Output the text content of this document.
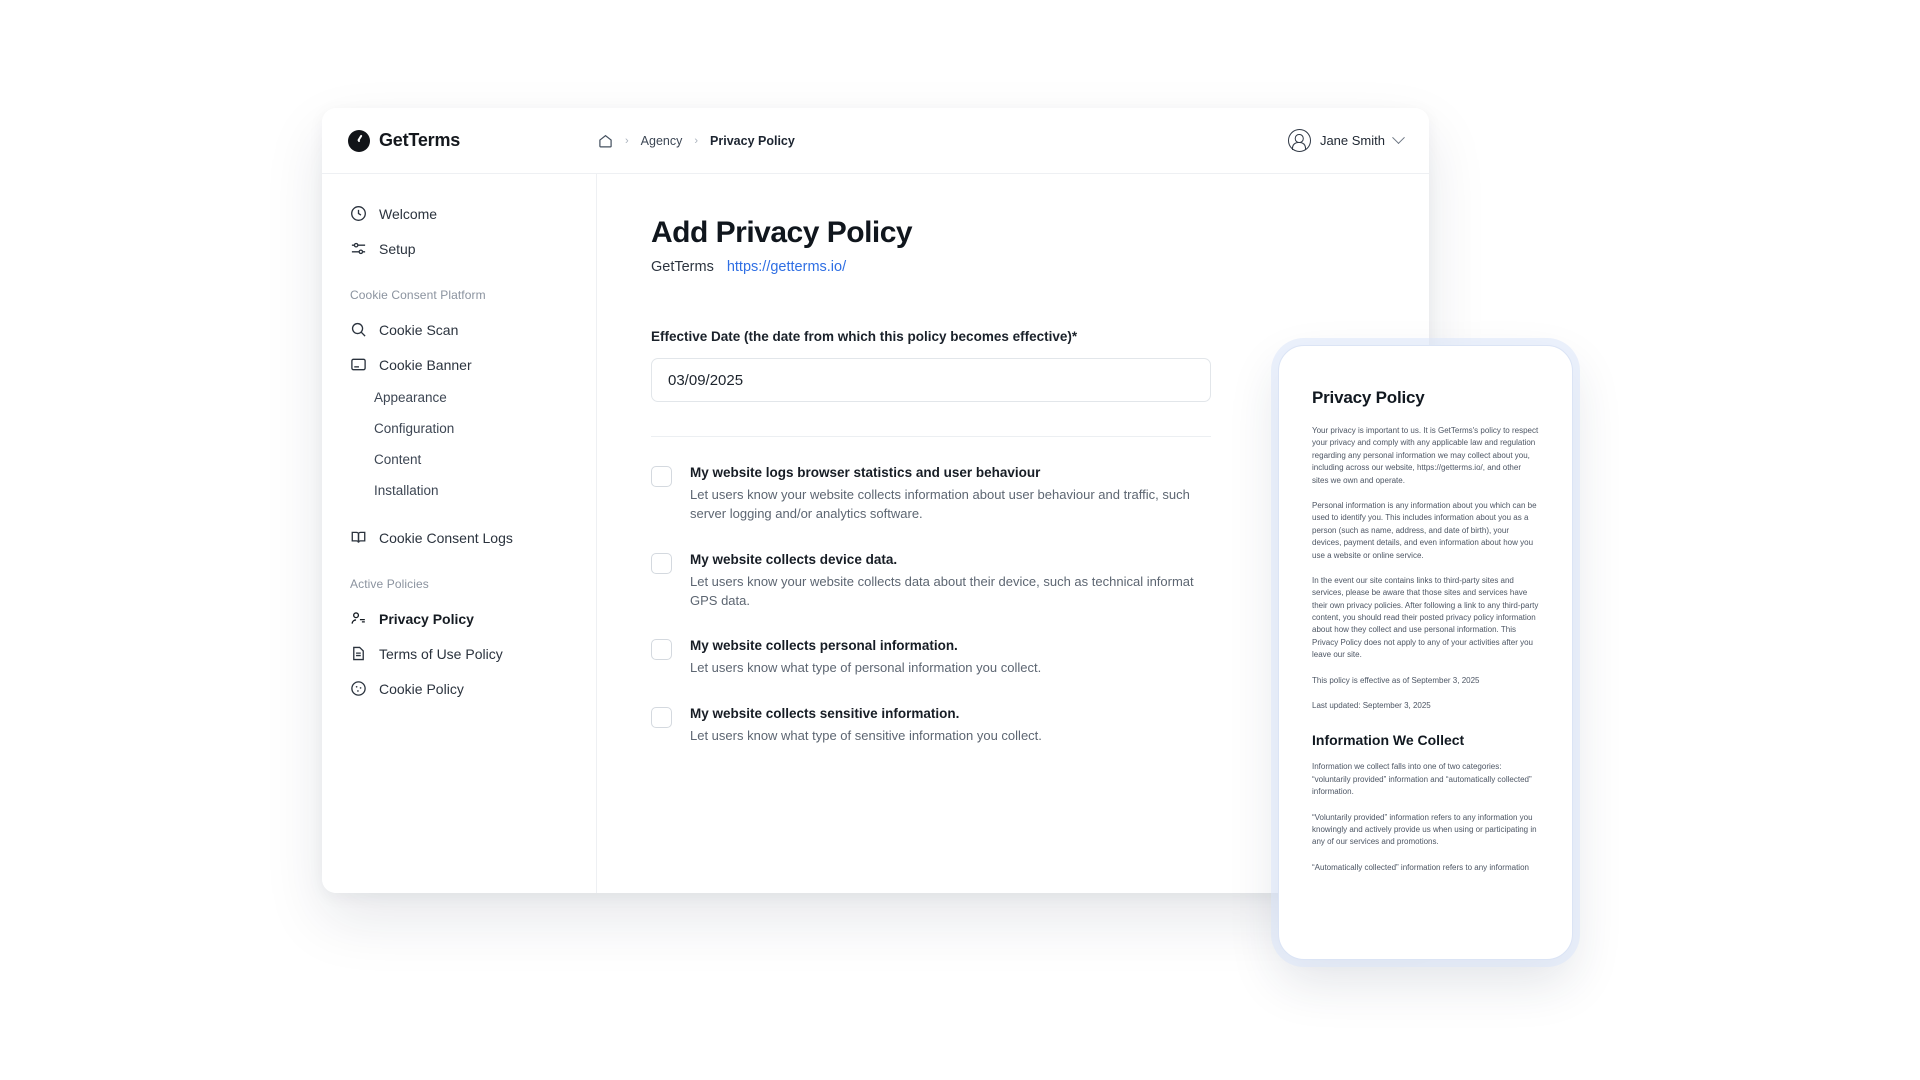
GetTerms	› Agency › Privacy Policy	Jane Smith
Welcome
Setup
Cookie Consent Platform
Cookie Scan
Cookie Banner
Appearance
Configuration
Content
Installation
Cookie Consent Logs
Active Policies
Privacy Policy
Terms of Use Policy
Cookie Policy
Add Privacy Policy
GetTerms https://getterms.io/
Effective Date (the date from which this policy becomes effective)*
03/09/2025
My website logs browser statistics and user behaviour
Let users know your website collects information about user behaviour and traffic, such server logging and/or analytics software.
My website collects device data.
Let users know your website collects data about their device, such as technical informat GPS data.
My website collects personal information.
Let users know what type of personal information you collect.
My website collects sensitive information.
Let users know what type of sensitive information you collect.
Privacy Policy

Your privacy is important to us. It is GetTerms's policy to respect your privacy and comply with any applicable law and regulation regarding any personal information we may collect about you, including across our website, https://getterms.io/, and other sites we own and operate.

Personal information is any information about you which can be used to identify you. This includes information about you as a person (such as name, address, and date of birth), your devices, payment details, and even information about how you use a website or online service.

In the event our site contains links to third-party sites and services, please be aware that those sites and services have their own privacy policies. After following a link to any third-party content, you should read their posted privacy policy information about how they collect and use personal information. This Privacy Policy does not apply to any of your activities after you leave our site.

This policy is effective as of September 3, 2025

Last updated: September 3, 2025

Information We Collect

Information we collect falls into one of two categories: “voluntarily provided” information and “automatically collected” information.

“Voluntarily provided” information refers to any information you knowingly and actively provide us when using or participating in any of our services and promotions.

“Automatically collected” information refers to any information
